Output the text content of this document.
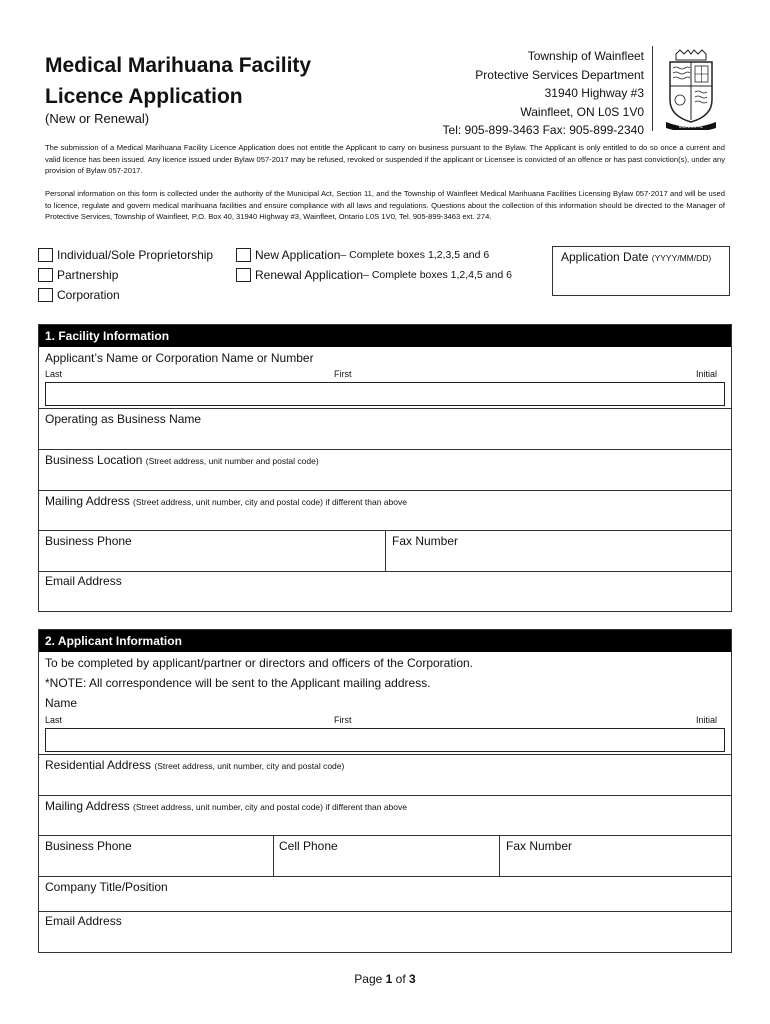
Medical Marihuana Facility
Licence Application
(New or Renewal)
Township of Wainfleet
Protective Services Department
31940 Highway #3
Wainfleet, ON L0S 1V0
Tel: 905-899-3463 Fax: 905-899-2340	MUNICIPAL
The submission of a Medical Marihuana Facility Licence Application does not entitle the Applicant to carry on business pursuant to the Bylaw. The Applicant is only entitled to do so once a current and valid licence has been issued. Any licence issued under Bylaw 057-2017 may be refused, revoked or suspended if the applicant or Licensee is convicted of an offence or has past conviction(s), under any provision of Bylaw 057-2017.
Personal information on this form is collected under the authority of the Municipal Act, Section 11, and the Township of Wainfleet Medical Marihuana Facilities Licensing Bylaw 057-2017 and will be used to licence, regulate and govern medical marihuana facilities and ensure compliance with all laws and regulations. Questions about the collection of this information should be directed to the Manager of Protective Services, Township of Wainfleet, P.O. Box 40, 31940 Highway #3, Wainfleet, Ontario L0S 1V0, Tel. 905-899-3463 ext. 274.
Individual/Sole Proprietorship
Partnership
Corporation
New Application – Complete boxes 1,2,3,5 and 6
Renewal Application – Complete boxes 1,2,4,5 and 6
Application Date (YYYY/MM/DD)
1. Facility Information
Applicant’s Name or Corporation Name or Number
Last	First	Initial
Operating as Business Name
Business Location (Street address, unit number and postal code)
Mailing Address (Street address, unit number, city and postal code) if different than above
Business Phone	Fax Number
Email Address
2. Applicant Information
To be completed by applicant/partner or directors and officers of the Corporation.
*NOTE: All correspondence will be sent to the Applicant mailing address.
Name
Last	First	Initial
Residential Address (Street address, unit number, city and postal code)
Mailing Address (Street address, unit number, city and postal code) if different than above
Business Phone	Cell Phone	Fax Number
Company Title/Position
Email Address
Page 1 of 3
